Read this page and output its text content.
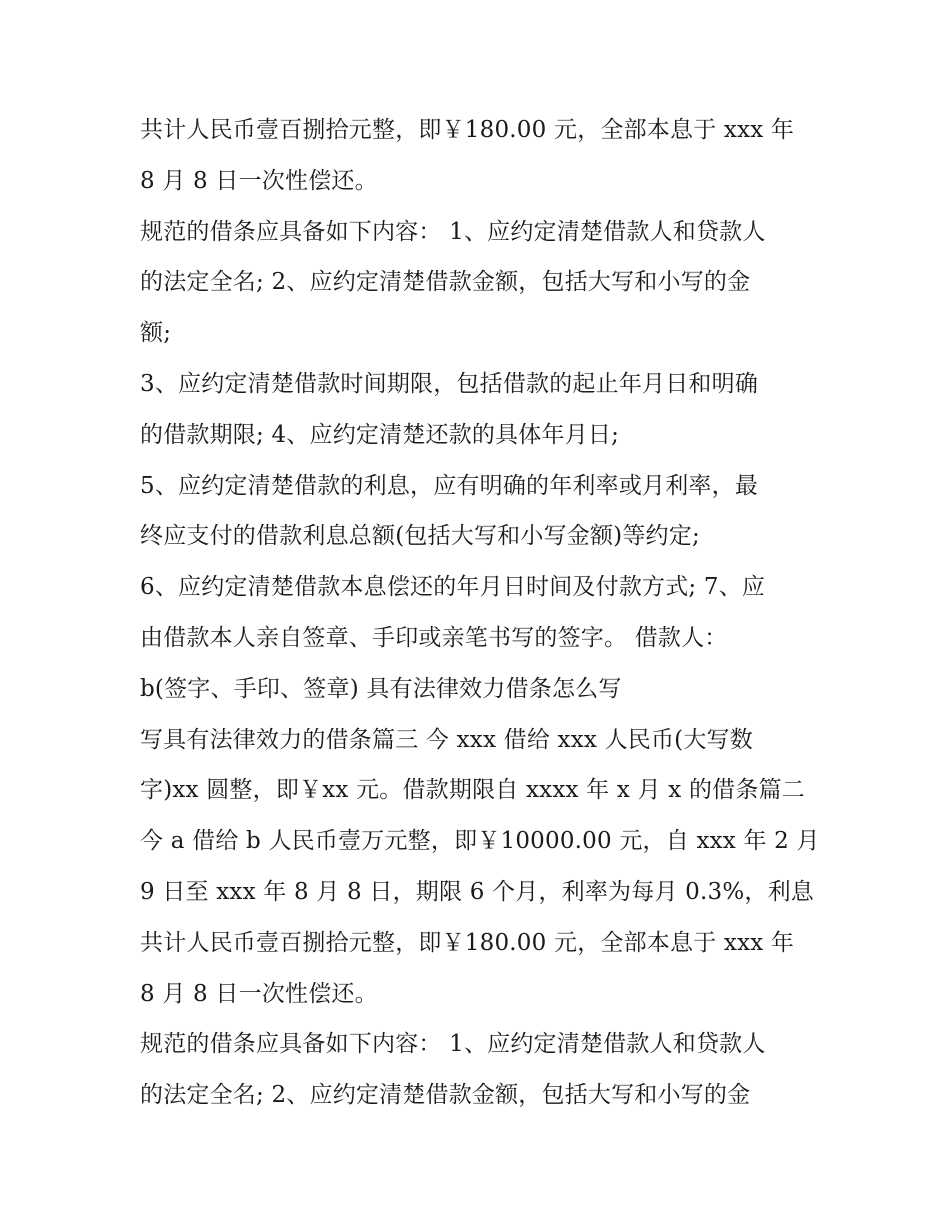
共计人民币壹百捌拾元整，即￥180.00 元，全部本息于 xxx 年
8 月 8 日一次性偿还。
规范的借条应具备如下内容： 1、应约定清楚借款人和贷款人
的法定全名; 2、应约定清楚借款金额，包括大写和小写的金
额;
3、应约定清楚借款时间期限，包括借款的起止年月日和明确
的借款期限; 4、应约定清楚还款的具体年月日;
5、应约定清楚借款的利息，应有明确的年利率或月利率，最
终应支付的借款利息总额(包括大写和小写金额)等约定;
6、应约定清楚借款本息偿还的年月日时间及付款方式; 7、应
由借款本人亲自签章、手印或亲笔书写的签字。 借款人：
b(签字、手印、签章) 具有法律效力借条怎么写
写具有法律效力的借条篇三 今 xxx 借给 xxx 人民币(大写数
字)xx 圆整，即￥xx 元。借款期限自 xxxx 年 x 月 x 的借条篇二
今 a 借给 b 人民币壹万元整，即￥10000.00 元，自 xxx 年 2 月
9 日至 xxx 年 8 月 8 日，期限 6 个月，利率为每月 0.3%，利息
共计人民币壹百捌拾元整，即￥180.00 元，全部本息于 xxx 年
8 月 8 日一次性偿还。
规范的借条应具备如下内容： 1、应约定清楚借款人和贷款人
的法定全名; 2、应约定清楚借款金额，包括大写和小写的金
